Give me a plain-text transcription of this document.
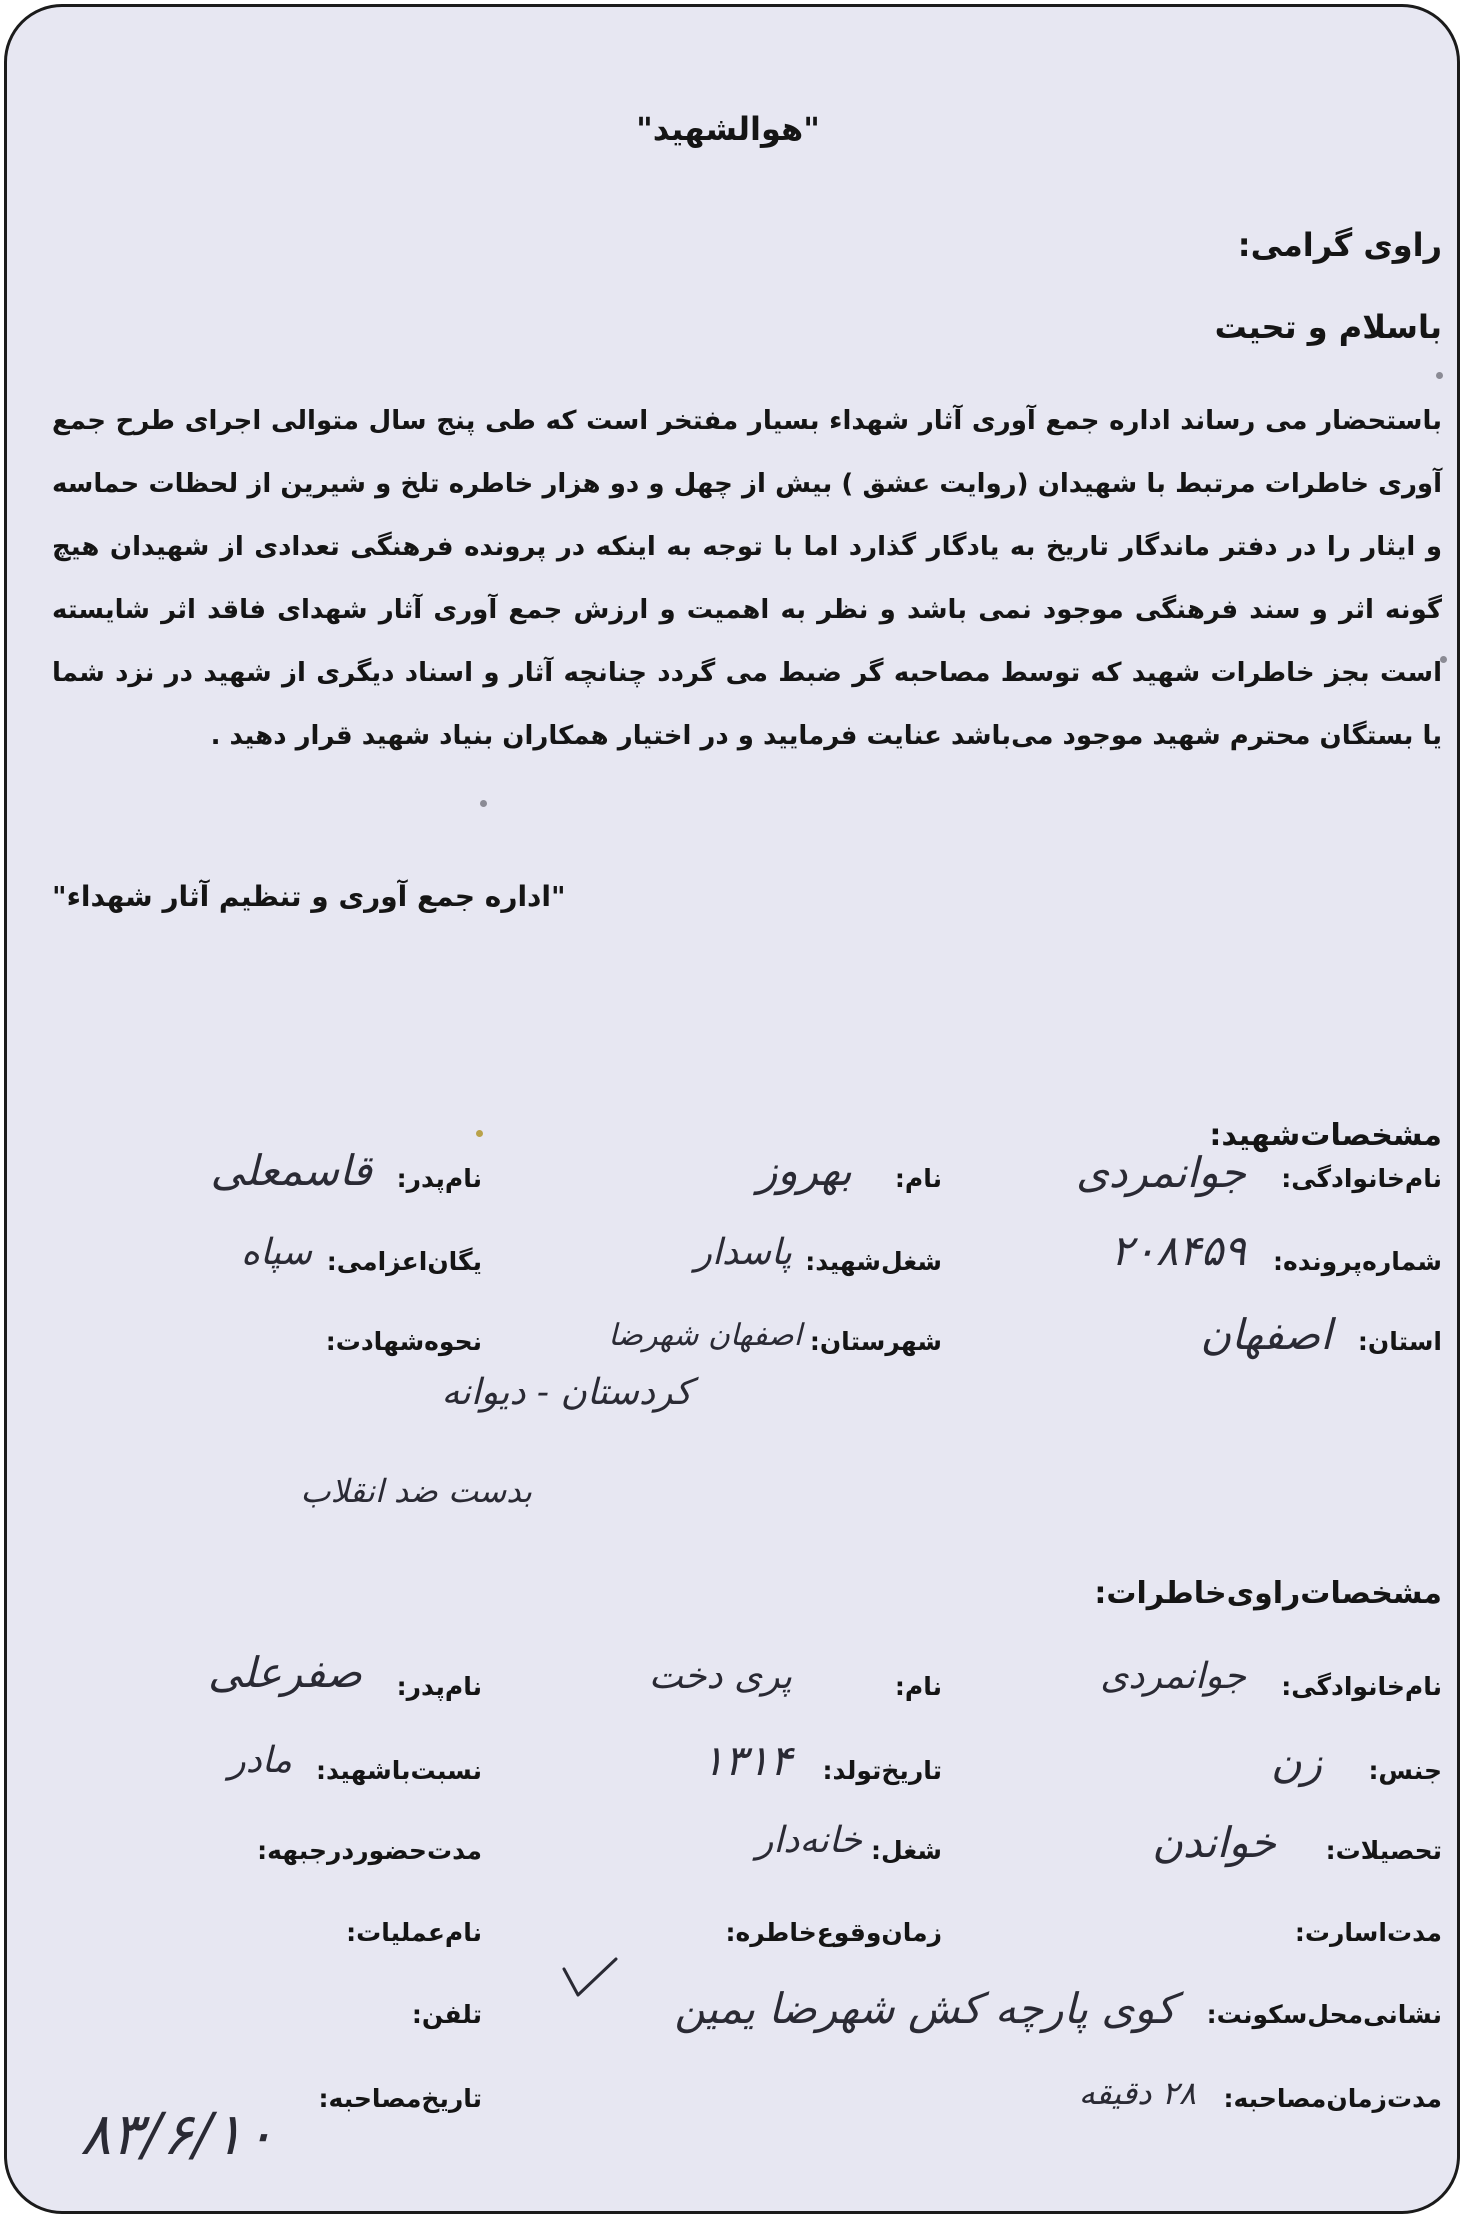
"هوالشهید"
راوی گرامی:
باسلام و تحیت
باستحضار می رساند اداره جمع آوری آثار شهداء بسیار مفتخر است که طی پنج سال متوالی اجرای طرح جمع آوری خاطرات مرتبط با شهیدان (روایت عشق ) بیش از چهل و دو هزار خاطره تلخ و شیرین از لحظات حماسه و ایثار را در دفتر ماندگار تاریخ به یادگار گذارد اما با توجه به اینکه در پرونده فرهنگی تعدادی از شهیدان هیچ گونه اثر و سند فرهنگی موجود نمی باشد و نظر به اهمیت و ارزش جمع آوری آثار شهدای فاقد اثر شایسته است بجز خاطرات شهید که توسط مصاحبه گر ضبط می گردد چنانچه آثار و اسناد دیگری از شهید در نزد شما یا بستگان محترم شهید موجود می‌باشد عنایت فرمایید و در اختیار همکاران بنیاد شهید قرار دهید .
"اداره جمع آوری و تنظیم آثار شهداء"
مشخصات‌شهید:
نام‌خانوادگی:
جوانمردی
نام:
بهروز
نام‌پدر:
قاسمعلی
شماره‌پرونده:
۲۰۸۴۵۹
شغل‌شهید:
پاسدار
یگان‌اعزامی:
سپاه
استان:
اصفهان
شهرستان:
اصفهان شهرضا
نحوه‌شهادت:
کردستان - دیوانه
بدست ضد انقلاب
مشخصات‌راوی‌خاطرات:
نام‌خانوادگی:
جوانمردی
نام:
پری دخت
نام‌پدر:
صفرعلی
جنس:
زن
تاریخ‌تولد:
۱۳۱۴
نسبت‌باشهید:
مادر
تحصیلات:
خواندن
شغل:
خانه‌دار
مدت‌حضوردرجبهه:
مدت‌اسارت:
زمان‌وقوع‌خاطره:
نام‌عملیات:
نشانی‌محل‌سکونت:
کوی پارچه کش شهرضا یمین
تلفن:
مدت‌زمان‌مصاحبه:
۲۸ دقیقه
تاریخ‌مصاحبه:
۸۳/۶/۱۰
